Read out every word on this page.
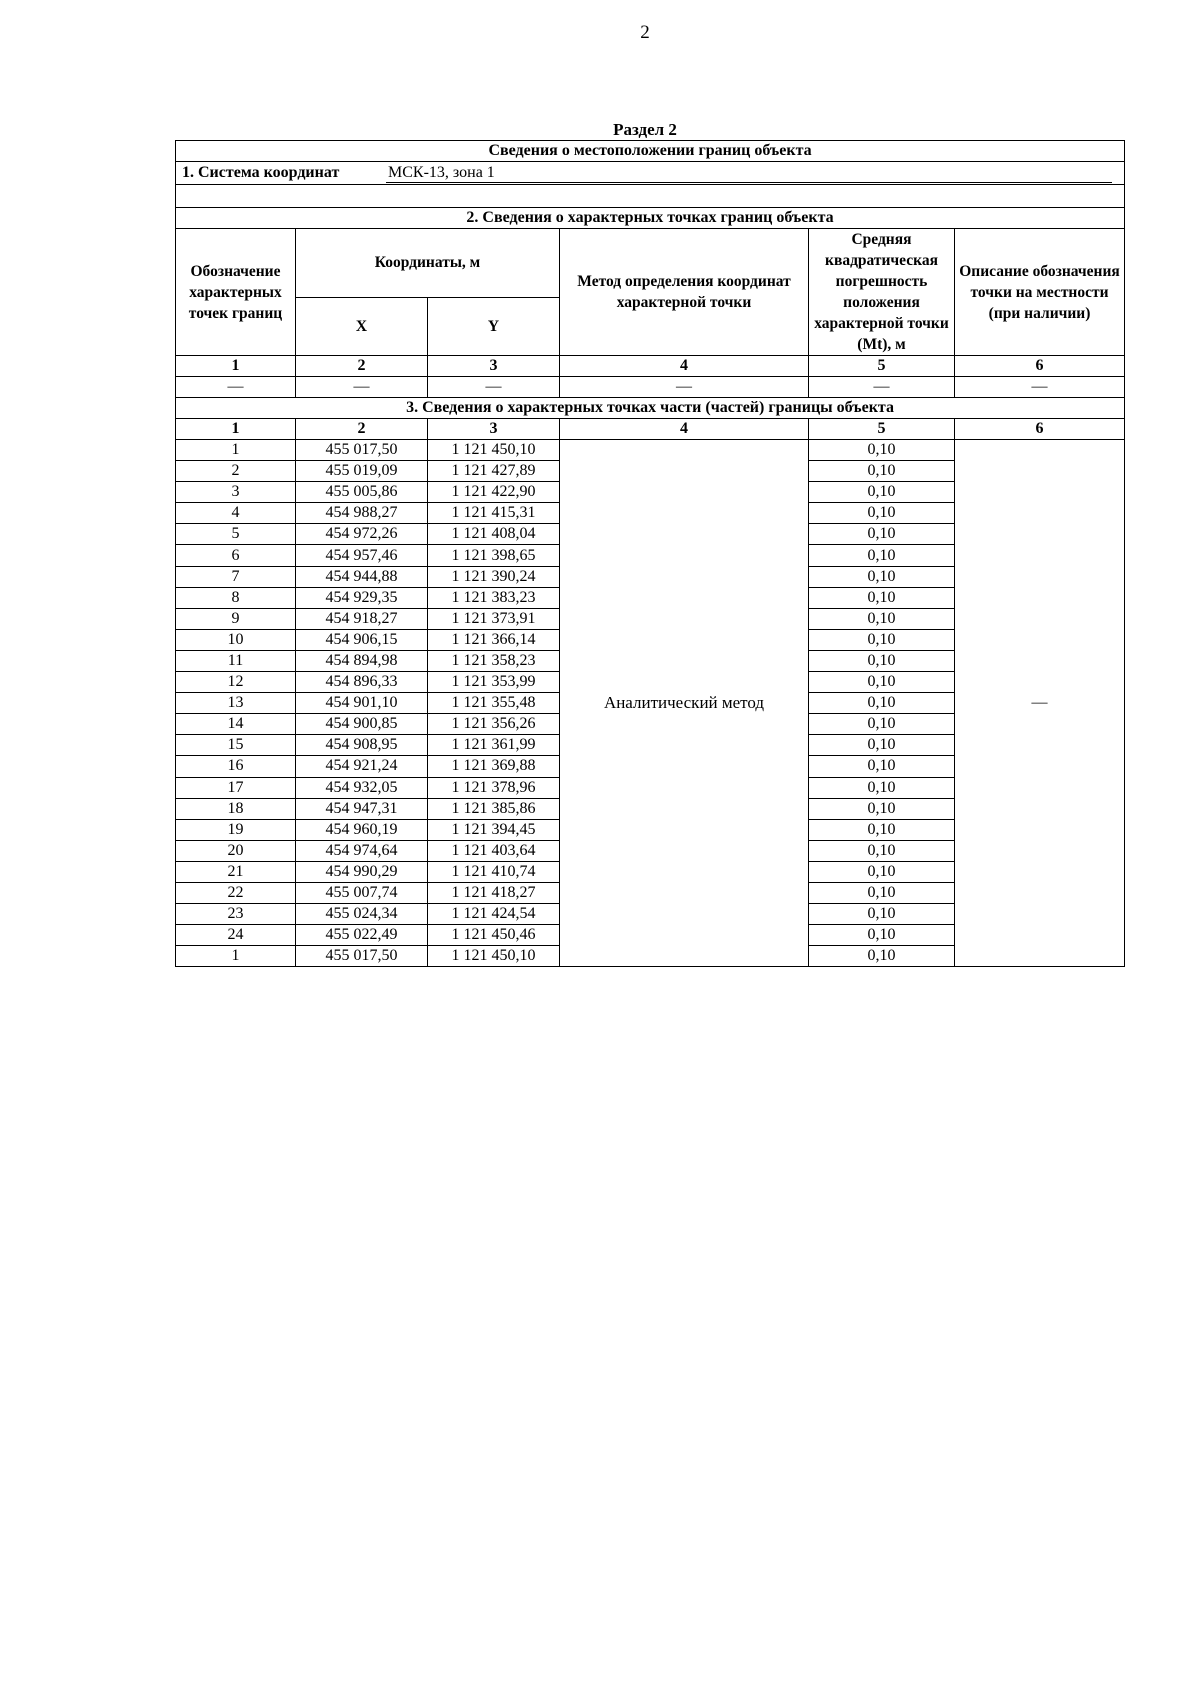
2
Раздел 2
Сведения о местоположении границ объекта					

1. Система координат МСК-13, зона 1					

2. Сведения о характерных точках границ объекта					
Обозначение характерных точек границ	Координаты, м		Метод определения координат характерной точки	Средняя квадратическая погрешность положения характерной точки (Mt), м	Описание обозначения точки на местности (при наличии)
	X	Y			
1	2	3	4	5	6
—	—	—	—	—	—
3. Сведения о характерных точках части (частей) границы объекта					
1	2	3	4	5	6
1	455 017,50	1 121 450,10	Аналитический метод	0,10	—
2	455 019,09	1 121 427,89		0,10	
3	455 005,86	1 121 422,90		0,10	
4	454 988,27	1 121 415,31		0,10	
5	454 972,26	1 121 408,04		0,10	
6	454 957,46	1 121 398,65		0,10	
7	454 944,88	1 121 390,24		0,10	
8	454 929,35	1 121 383,23		0,10	
9	454 918,27	1 121 373,91		0,10	
10	454 906,15	1 121 366,14		0,10	
11	454 894,98	1 121 358,23		0,10	
12	454 896,33	1 121 353,99		0,10	
13	454 901,10	1 121 355,48		0,10	
14	454 900,85	1 121 356,26		0,10	
15	454 908,95	1 121 361,99		0,10	
16	454 921,24	1 121 369,88		0,10	
17	454 932,05	1 121 378,96		0,10	
18	454 947,31	1 121 385,86		0,10	
19	454 960,19	1 121 394,45		0,10	
20	454 974,64	1 121 403,64		0,10	
21	454 990,29	1 121 410,74		0,10	
22	455 007,74	1 121 418,27		0,10	
23	455 024,34	1 121 424,54		0,10	
24	455 022,49	1 121 450,46		0,10	
1	455 017,50	1 121 450,10		0,10	
